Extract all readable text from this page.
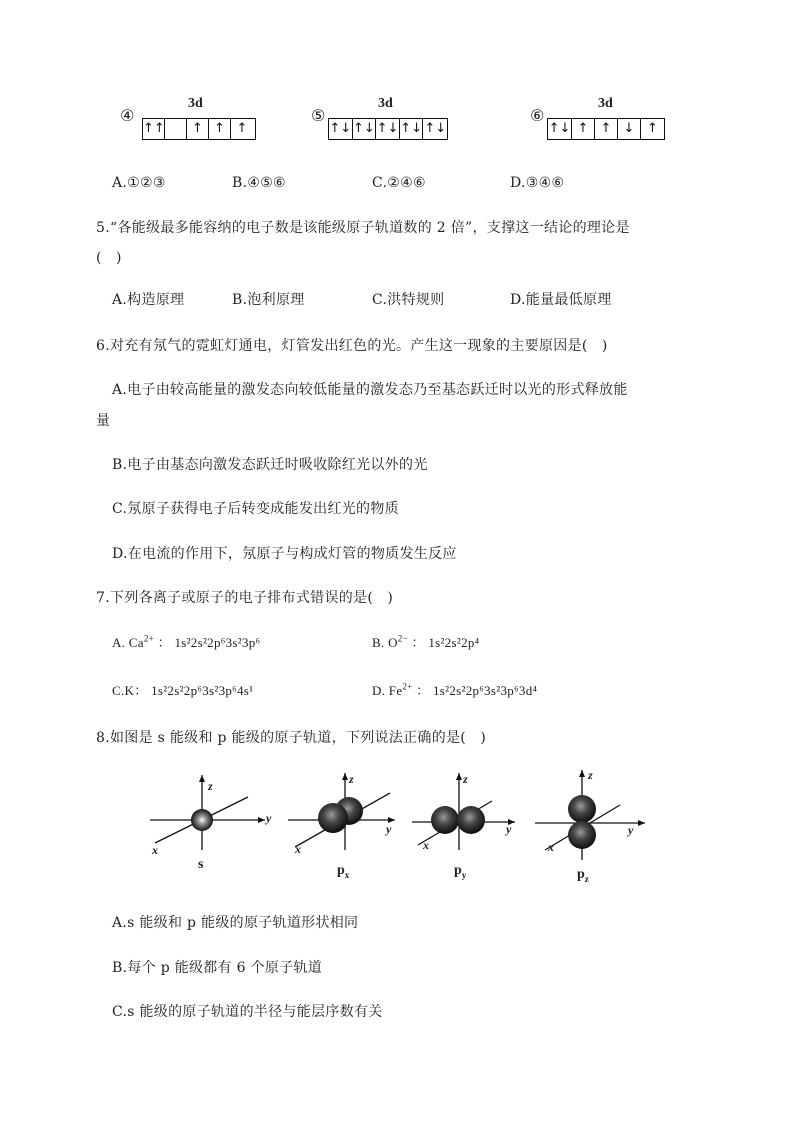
④
3d
↑↑	↑ ↑ ↑
⑤
3d
↑↓ ↑↓ ↑↓ ↑↓ ↑↓
⑥
3d
↑↓ ↑ ↑ ↓ ↑
A.①②③	B.④⑤⑥	C.②④⑥	D.③④⑥
5.“各能级最多能容纳的电子数是该能级原子轨道数的 2 倍”，支撑这一结论的理论是
(　)
A.构造原理	B.泡利原理	C.洪特规则	D.能量最低原理
6.对充有氖气的霓虹灯通电，灯管发出红色的光。产生这一现象的主要原因是(　)
A.电子由较高能量的激发态向较低能量的激发态乃至基态跃迁时以光的形式释放能
量
B.电子由基态向激发态跃迁时吸收除红光以外的光
C.氖原子获得电子后转变成能发出红光的物质
D.在电流的作用下，氖原子与构成灯管的物质发生反应
7.下列各离子或原子的电子排布式错误的是(　)
A. $Ca^{2+}$ ： 1s²2s²2p⁶3s²3p⁶	B. $O^{2-}$ ： 1s²2s²2p⁴
C.K： 1s²2s²2p⁶3s²3p⁶4s¹	D. $Fe^{2+}$ ： 1s²2s²2p⁶3s²3p⁶3d⁴
8.如图是 s 能级和 p 能级的原子轨道，下列说法正确的是(　)
z
y
x
z
y
x
z
y
x
z
y
x
s	$p_x$	$p_y$	$p_z$
A.s 能级和 p 能级的原子轨道形状相同
B.每个 p 能级都有 6 个原子轨道
C.s 能级的原子轨道的半径与能层序数有关
